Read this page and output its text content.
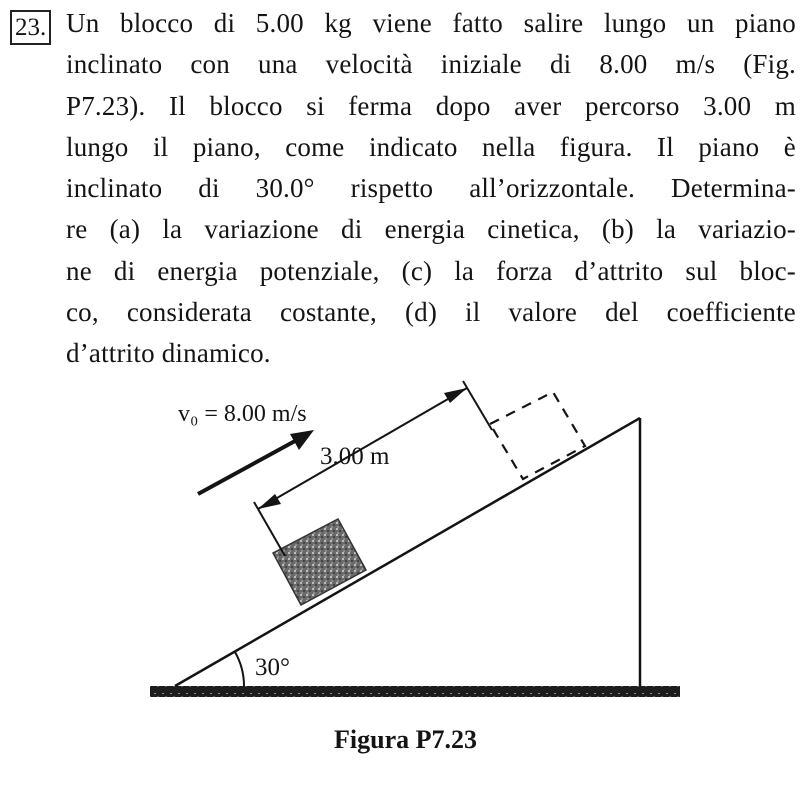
23. Un blocco di 5.00 kg viene fatto salire lungo un piano
inclinato con una velocità iniziale di 8.00 m/s (Fig.
P7.23). Il blocco si ferma dopo aver percorso 3.00 m
lungo il piano, come indicato nella figura. Il piano è
inclinato di 30.0° rispetto all’orizzontale. Determina-
re (a) la variazione di energia cinetica, (b) la variazio-
ne di energia potenziale, (c) la forza d’attrito sul bloc-
co, considerata costante, (d) il valore del coefficiente
d’attrito dinamico.
v₀ = 8.00 m/s
3.00 m
30°
Figura P7.23
